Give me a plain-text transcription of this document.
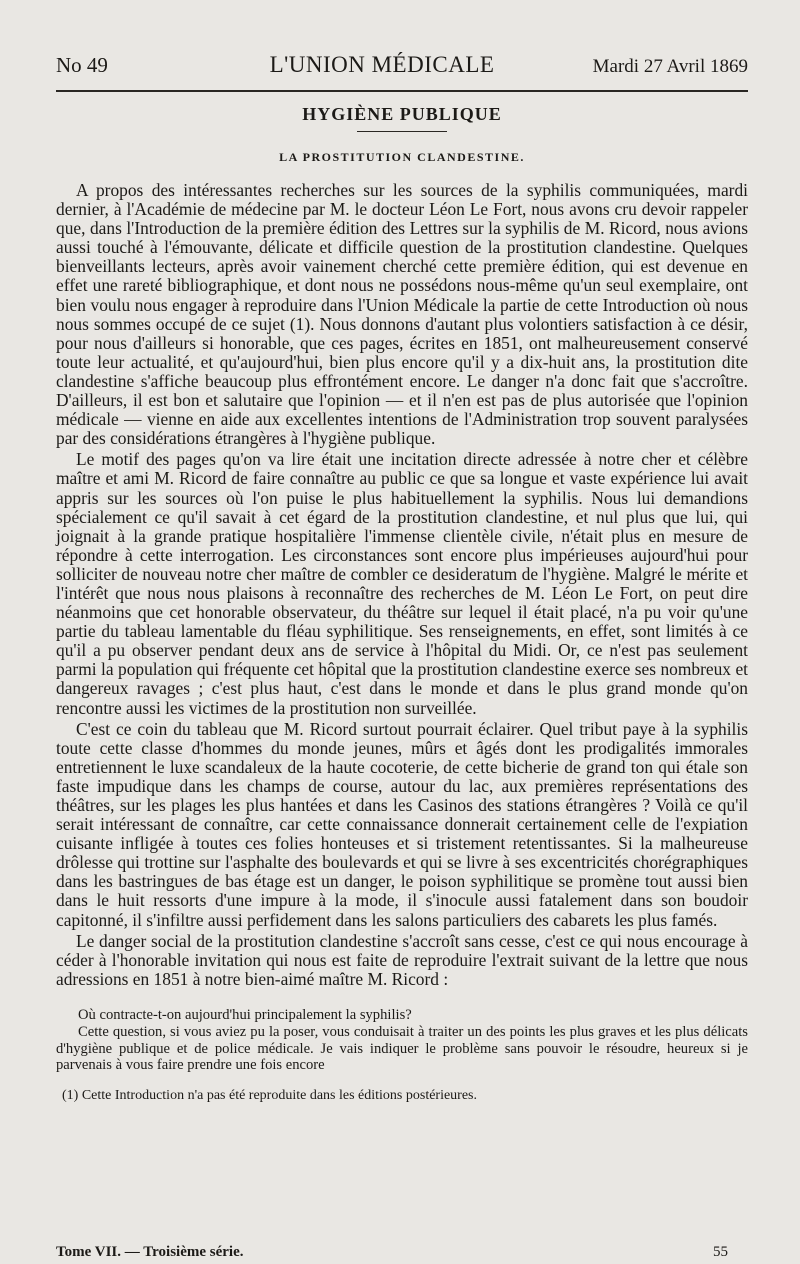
No 49	L'UNION MÉDICALE	Mardi 27 Avril 1869
HYGIÈNE PUBLIQUE
LA PROSTITUTION CLANDESTINE.

A propos des intéressantes recherches sur les sources de la syphilis communiquées, mardi dernier, à l'Académie de médecine par M. le docteur Léon Le Fort, nous avons cru devoir rappeler que, dans l'Introduction de la première édition des Lettres sur la syphilis de M. Ricord, nous avions aussi touché à l'émouvante, délicate et difficile question de la prostitution clandestine. Quelques bienveillants lecteurs, après avoir vainement cherché cette première édition, qui est devenue en effet une rareté bibliographique, et dont nous ne possédons nous-même qu'un seul exemplaire, ont bien voulu nous engager à reproduire dans l'Union Médicale la partie de cette Introduction où nous nous sommes occupé de ce sujet (1). Nous donnons d'autant plus volontiers satisfaction à ce désir, pour nous d'ailleurs si honorable, que ces pages, écrites en 1851, ont malheureusement conservé toute leur actualité, et qu'aujourd'hui, bien plus encore qu'il y a dix-huit ans, la prostitution dite clandestine s'affiche beaucoup plus effrontément encore. Le danger n'a donc fait que s'accroître. D'ailleurs, il est bon et salutaire que l'opinion — et il n'en est pas de plus autorisée que l'opinion médicale — vienne en aide aux excellentes intentions de l'Administration trop souvent paralysées par des considérations étrangères à l'hygiène publique.

Le motif des pages qu'on va lire était une incitation directe adressée à notre cher et célèbre maître et ami M. Ricord de faire connaître au public ce que sa longue et vaste expérience lui avait appris sur les sources où l'on puise le plus habituellement la syphilis. Nous lui demandions spécialement ce qu'il savait à cet égard de la prostitution clandestine, et nul plus que lui, qui joignait à la grande pratique hospitalière l'immense clientèle civile, n'était plus en mesure de répondre à cette interrogation. Les circonstances sont encore plus impérieuses aujourd'hui pour solliciter de nouveau notre cher maître de combler ce desideratum de l'hygiène. Malgré le mérite et l'intérêt que nous nous plaisons à reconnaître des recherches de M. Léon Le Fort, on peut dire néanmoins que cet honorable observateur, du théâtre sur lequel il était placé, n'a pu voir qu'une partie du tableau lamentable du fléau syphilitique. Ses renseignements, en effet, sont limités à ce qu'il a pu observer pendant deux ans de service à l'hôpital du Midi. Or, ce n'est pas seulement parmi la population qui fréquente cet hôpital que la prostitution clandestine exerce ses nombreux et dangereux ravages ; c'est plus haut, c'est dans le monde et dans le plus grand monde qu'on rencontre aussi les victimes de la prostitution non surveillée.

C'est ce coin du tableau que M. Ricord surtout pourrait éclairer. Quel tribut paye à la syphilis toute cette classe d'hommes du monde jeunes, mûrs et âgés dont les prodigalités immorales entretiennent le luxe scandaleux de la haute cocoterie, de cette bicherie de grand ton qui étale son faste impudique dans les champs de course, autour du lac, aux premières représentations des théâtres, sur les plages les plus hantées et dans les Casinos des stations étrangères ? Voilà ce qu'il serait intéressant de connaître, car cette connaissance donnerait certainement celle de l'expiation cuisante infligée à toutes ces folies honteuses et si tristement retentissantes. Si la malheureuse drôlesse qui trottine sur l'asphalte des boulevards et qui se livre à ses excentricités chorégraphiques dans les bastringues de bas étage est un danger, le poison syphilitique se promène tout aussi bien dans le huit ressorts d'une impure à la mode, il s'inocule aussi fatalement dans son boudoir capitonné, il s'infiltre aussi perfidement dans les salons particuliers des cabarets les plus famés.

Le danger social de la prostitution clandestine s'accroît sans cesse, c'est ce qui nous encourage à céder à l'honorable invitation qui nous est faite de reproduire l'extrait suivant de la lettre que nous adressions en 1851 à notre bien-aimé maître M. Ricord :

Où contracte-t-on aujourd'hui principalement la syphilis?

Cette question, si vous aviez pu la poser, vous conduisait à traiter un des points les plus graves et les plus délicats d'hygiène publique et de police médicale. Je vais indiquer le problème sans pouvoir le résoudre, heureux si je parvenais à vous faire prendre une fois encore

(1) Cette Introduction n'a pas été reproduite dans les éditions postérieures.
Tome VII. — Troisième série.	55
